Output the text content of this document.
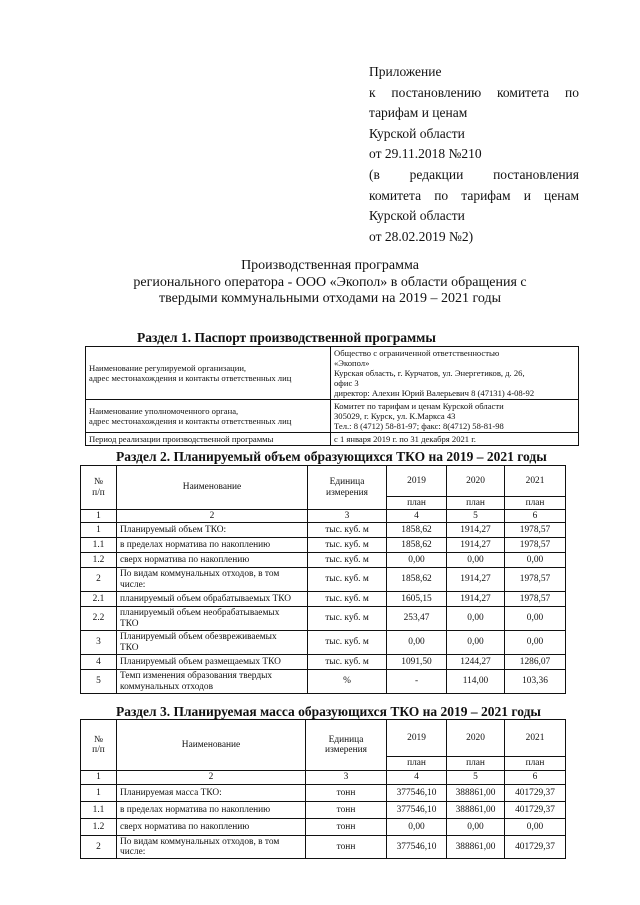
Приложение
к постановлению комитета по
тарифам и ценам
Курской области
от 29.11.2018 №210
(в редакции постановления
комитета по тарифам и ценам
Курской области
от 28.02.2019 №2)
Производственная программа
регионального оператора - ООО «Экопол» в области обращения с
твердыми коммунальными отходами на 2019 – 2021 годы
Раздел 1. Паспорт производственной программы
Наименование регулируемой организации,
адрес местонахождения и контакты ответственных лиц	Общество с ограниченной ответственностью
«Экопол»
Курская область, г. Курчатов, ул. Энергетиков, д. 26,
офис 3
директор: Алехин Юрий Валерьевич 8 (47131) 4-08-92
Наименование уполномоченного органа,
адрес местонахождения и контакты ответственных лиц	Комитет по тарифам и ценам Курской области
305029, г. Курск, ул. К.Маркса 43
Тел.: 8 (4712) 58-81-97; факс: 8(4712) 58-81-98
Период реализации производственной программы	с 1 января 2019 г. по 31 декабря 2021 г.
Раздел 2. Планируемый объем образующихся ТКО на 2019 – 2021 годы
№
п/п	Наименование	Единица
измерения	2019	2020	2021
			план	план	план
1	2	3	4	5	6
1	Планируемый объем ТКО:	тыс. куб. м	1858,62	1914,27	1978,57
1.1	в пределах норматива по накоплению	тыс. куб. м	1858,62	1914,27	1978,57
1.2	сверх норматива по накоплению	тыс. куб. м	0,00	0,00	0,00
2	По видам коммунальных отходов, в том
числе:	тыс. куб. м	1858,62	1914,27	1978,57
2.1	планируемый объем обрабатываемых ТКО	тыс. куб. м	1605,15	1914,27	1978,57
2.2	планируемый объем необрабатываемых
ТКО	тыс. куб. м	253,47	0,00	0,00
3	Планируемый объем обезвреживаемых
ТКО	тыс. куб. м	0,00	0,00	0,00
4	Планируемый объем размещаемых ТКО	тыс. куб. м	1091,50	1244,27	1286,07
5	Темп изменения образования твердых
коммунальных отходов	%	-	114,00	103,36
Раздел 3. Планируемая масса образующихся ТКО на 2019 – 2021 годы
№
п/п	Наименование	Единица
измерения	2019	2020	2021
			план	план	план
1	2	3	4	5	6
1	Планируемая масса ТКО:	тонн	377546,10	388861,00	401729,37
1.1	в пределах норматива по накоплению	тонн	377546,10	388861,00	401729,37
1.2	сверх норматива по накоплению	тонн	0,00	0,00	0,00
2	По видам коммунальных отходов, в том
числе:	тонн	377546,10	388861,00	401729,37
